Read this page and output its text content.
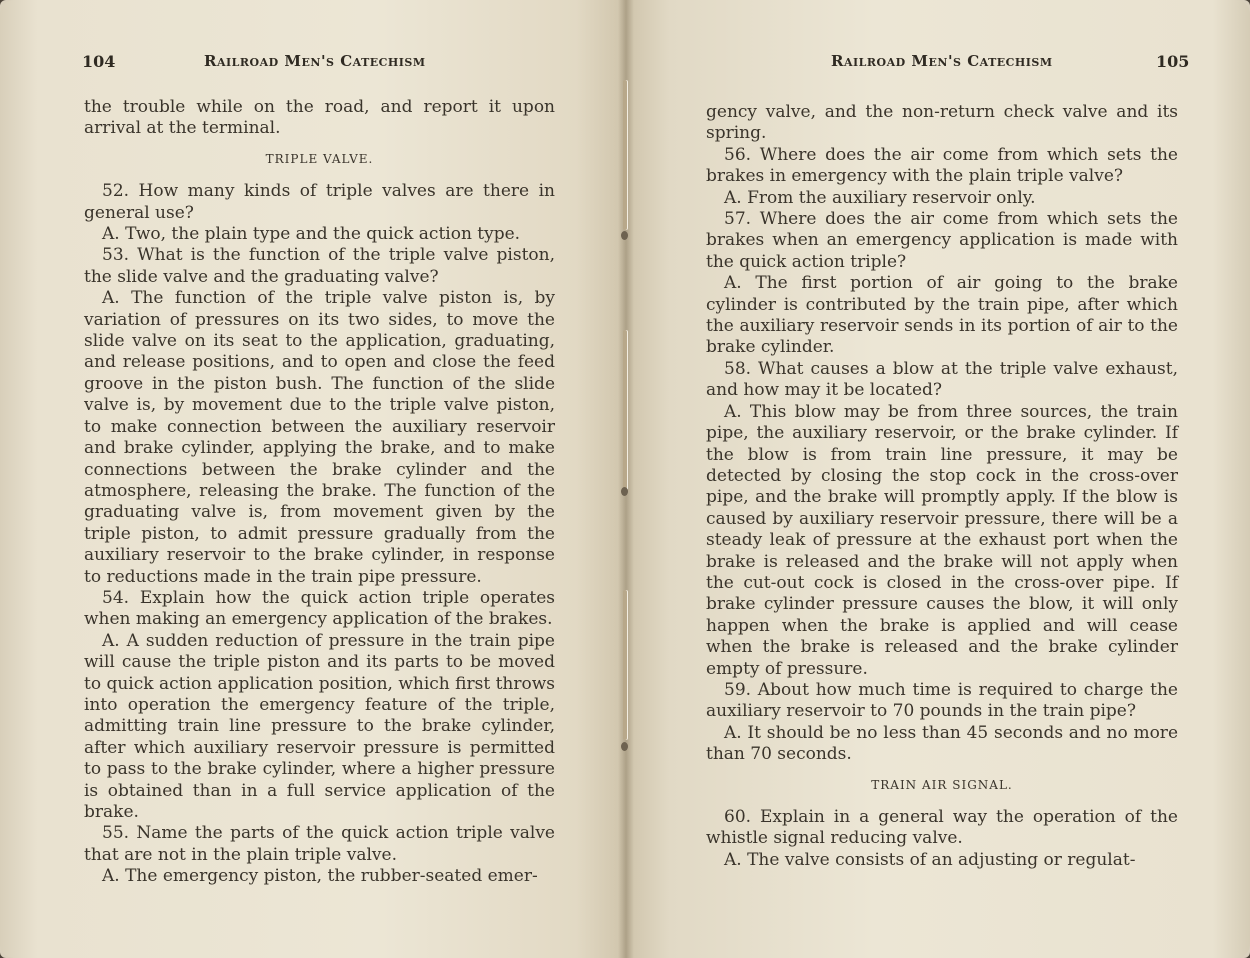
104	Railroad Men's Catechism

the trouble while on the road, and report it upon arrival at the terminal.

TRIPLE VALVE.

52. How many kinds of triple valves are there in general use?

A. Two, the plain type and the quick action type.

53. What is the function of the triple valve piston, the slide valve and the graduating valve?

A. The function of the triple valve piston is, by variation of pressures on its two sides, to move the slide valve on its seat to the application, graduating, and release positions, and to open and close the feed groove in the piston bush. The function of the slide valve is, by movement due to the triple valve piston, to make connection between the auxiliary reservoir and brake cylinder, applying the brake, and to make connections between the brake cylinder and the atmosphere, releasing the brake. The function of the graduating valve is, from movement given by the triple piston, to admit pressure gradually from the auxiliary reservoir to the brake cylinder, in response to reductions made in the train pipe pressure.

54. Explain how the quick action triple operates when making an emergency application of the brakes.

A. A sudden reduction of pressure in the train pipe will cause the triple piston and its parts to be moved to quick action application position, which first throws into operation the emergency feature of the triple, admitting train line pressure to the brake cylinder, after which auxiliary reservoir pressure is permitted to pass to the brake cylinder, where a higher pressure is obtained than in a full service application of the brake.

55. Name the parts of the quick action triple valve that are not in the plain triple valve.

A. The emergency piston, the rubber-seated emer-

Railroad Men's Catechism	105

gency valve, and the non-return check valve and its spring.

56. Where does the air come from which sets the brakes in emergency with the plain triple valve?

A. From the auxiliary reservoir only.

57. Where does the air come from which sets the brakes when an emergency application is made with the quick action triple?

A. The first portion of air going to the brake cylinder is contributed by the train pipe, after which the auxiliary reservoir sends in its portion of air to the brake cylinder.

58. What causes a blow at the triple valve exhaust, and how may it be located?

A. This blow may be from three sources, the train pipe, the auxiliary reservoir, or the brake cylinder. If the blow is from train line pressure, it may be detected by closing the stop cock in the cross-over pipe, and the brake will promptly apply. If the blow is caused by auxiliary reservoir pressure, there will be a steady leak of pressure at the exhaust port when the brake is released and the brake will not apply when the cut-out cock is closed in the cross-over pipe. If brake cylinder pressure causes the blow, it will only happen when the brake is applied and will cease when the brake is released and the brake cylinder empty of pressure.

59. About how much time is required to charge the auxiliary reservoir to 70 pounds in the train pipe?

A. It should be no less than 45 seconds and no more than 70 seconds.

TRAIN AIR SIGNAL.

60. Explain in a general way the operation of the whistle signal reducing valve.

A. The valve consists of an adjusting or regulat-
